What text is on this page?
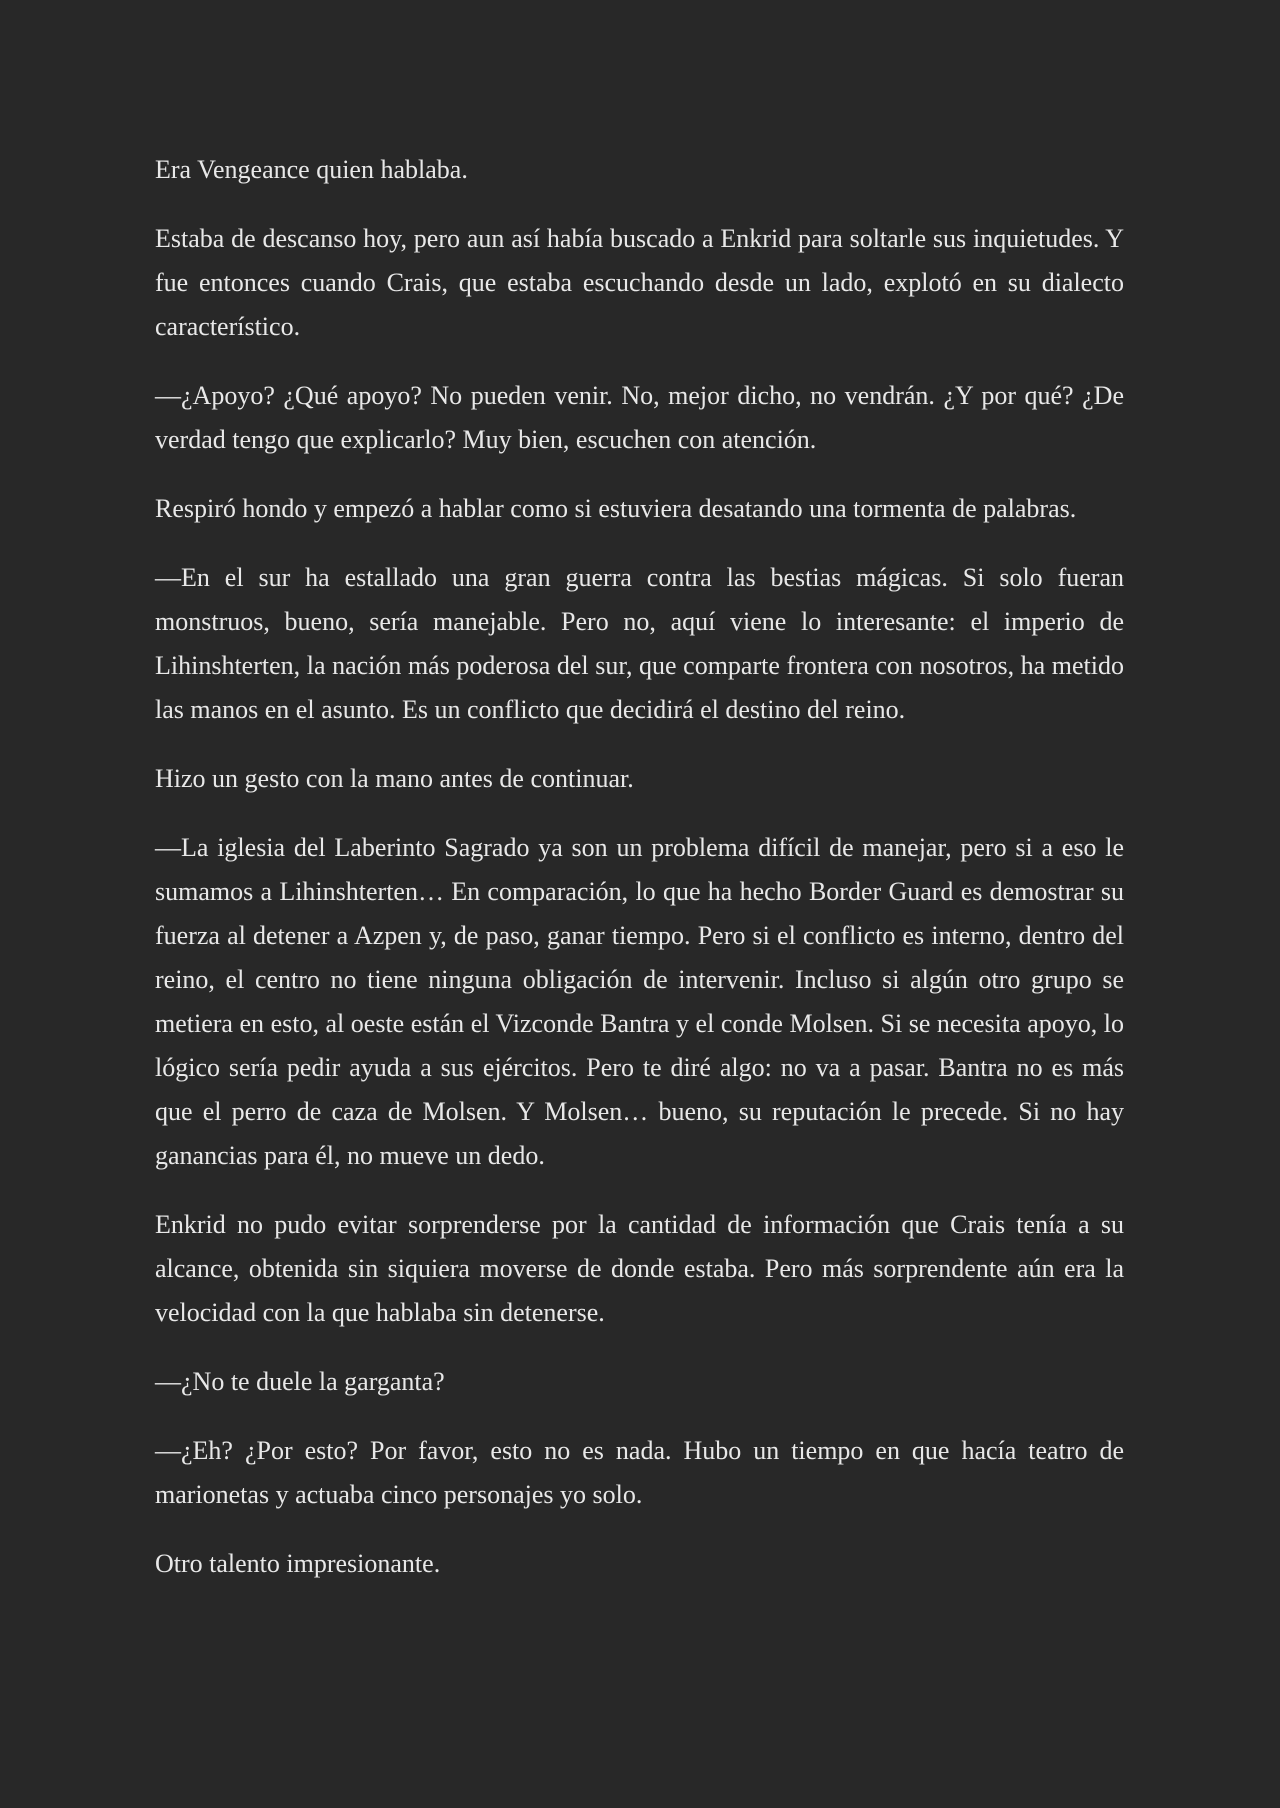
Era Vengeance quien hablaba.

Estaba de descanso hoy, pero aun así había buscado a Enkrid para soltarle sus inquietudes. Y fue entonces cuando Crais, que estaba escuchando desde un lado, explotó en su dialecto característico.

—¿Apoyo? ¿Qué apoyo? No pueden venir. No, mejor dicho, no vendrán. ¿Y por qué? ¿De verdad tengo que explicarlo? Muy bien, escuchen con atención.

Respiró hondo y empezó a hablar como si estuviera desatando una tormenta de palabras.

—En el sur ha estallado una gran guerra contra las bestias mágicas. Si solo fueran monstruos, bueno, sería manejable. Pero no, aquí viene lo interesante: el imperio de Lihinshterten, la nación más poderosa del sur, que comparte frontera con nosotros, ha metido las manos en el asunto. Es un conflicto que decidirá el destino del reino.

Hizo un gesto con la mano antes de continuar.

—La iglesia del Laberinto Sagrado ya son un problema difícil de manejar, pero si a eso le sumamos a Lihinshterten… En comparación, lo que ha hecho Border Guard es demostrar su fuerza al detener a Azpen y, de paso, ganar tiempo. Pero si el conflicto es interno, dentro del reino, el centro no tiene ninguna obligación de intervenir. Incluso si algún otro grupo se metiera en esto, al oeste están el Vizconde Bantra y el conde Molsen. Si se necesita apoyo, lo lógico sería pedir ayuda a sus ejércitos. Pero te diré algo: no va a pasar. Bantra no es más que el perro de caza de Molsen. Y Molsen… bueno, su reputación le precede. Si no hay ganancias para él, no mueve un dedo.

Enkrid no pudo evitar sorprenderse por la cantidad de información que Crais tenía a su alcance, obtenida sin siquiera moverse de donde estaba. Pero más sorprendente aún era la velocidad con la que hablaba sin detenerse.

—¿No te duele la garganta?

—¿Eh? ¿Por esto? Por favor, esto no es nada. Hubo un tiempo en que hacía teatro de marionetas y actuaba cinco personajes yo solo.

Otro talento impresionante.
